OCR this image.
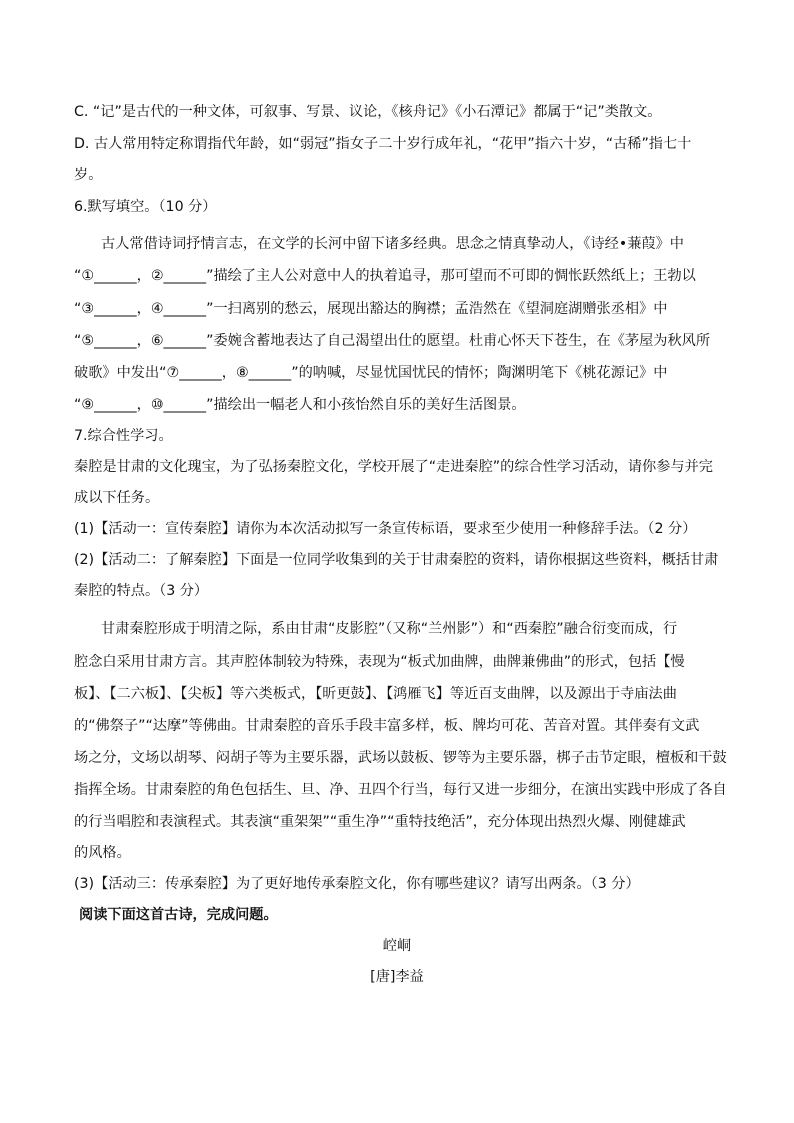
C. “记”是古代的一种文体，可叙事、写景、议论，《核舟记》《小石潭记》都属于“记”类散文。
D. 古人常用特定称谓指代年龄，如“弱冠”指女子二十岁行成年礼，“花甲”指六十岁，“古稀”指七十
岁。
6.默写填空。（10 分）
古人常借诗词抒情言志，在文学的长河中留下诸多经典。思念之情真挚动人，《诗经•蒹葭》中
“①______，②______”描绘了主人公对意中人的执着追寻，那可望而不可即的惆怅跃然纸上；王勃以
“③______，④______”一扫离别的愁云，展现出豁达的胸襟；孟浩然在《望洞庭湖赠张丞相》中
“⑤______，⑥______”委婉含蓄地表达了自己渴望出仕的愿望。杜甫心怀天下苍生，在《茅屋为秋风所
破歌》中发出“⑦______，⑧______”的呐喊，尽显忧国忧民的情怀；陶渊明笔下《桃花源记》中
“⑨______，⑩______”描绘出一幅老人和小孩怡然自乐的美好生活图景。
7.综合性学习。
秦腔是甘肃的文化瑰宝，为了弘扬秦腔文化，学校开展了“走进秦腔”的综合性学习活动，请你参与并完
成以下任务。
(1)【活动一：宣传秦腔】请你为本次活动拟写一条宣传标语，要求至少使用一种修辞手法。（2 分）
(2)【活动二：了解秦腔】下面是一位同学收集到的关于甘肃秦腔的资料，请你根据这些资料，概括甘肃
秦腔的特点。（3 分）
甘肃秦腔形成于明清之际，系由甘肃“皮影腔”（又称“兰州影”）和“西秦腔”融合衍变而成，行
腔念白采用甘肃方言。其声腔体制较为特殊，表现为“板式加曲牌，曲牌兼佛曲”的形式，包括【慢
板】、【二六板】、【尖板】等六类板式，【昕更鼓】、【鸿雁飞】等近百支曲牌，以及源出于寺庙法曲
的“佛祭子”“达摩”等佛曲。甘肃秦腔的音乐手段丰富多样，板、牌均可花、苦音对置。其伴奏有文武
场之分，文场以胡琴、闷胡子等为主要乐器，武场以鼓板、锣等为主要乐器，梆子击节定眼，檀板和干鼓
指挥全场。甘肃秦腔的角色包括生、旦、净、丑四个行当，每行又进一步细分，在演出实践中形成了各自
的行当唱腔和表演程式。其表演“重架架”“重生净”“重特技绝活”，充分体现出热烈火爆、刚健雄武
的风格。
(3)【活动三：传承秦腔】为了更好地传承秦腔文化，你有哪些建议？请写出两条。（3 分）
阅读下面这首古诗，完成问题。
崆峒
[唐]李益
